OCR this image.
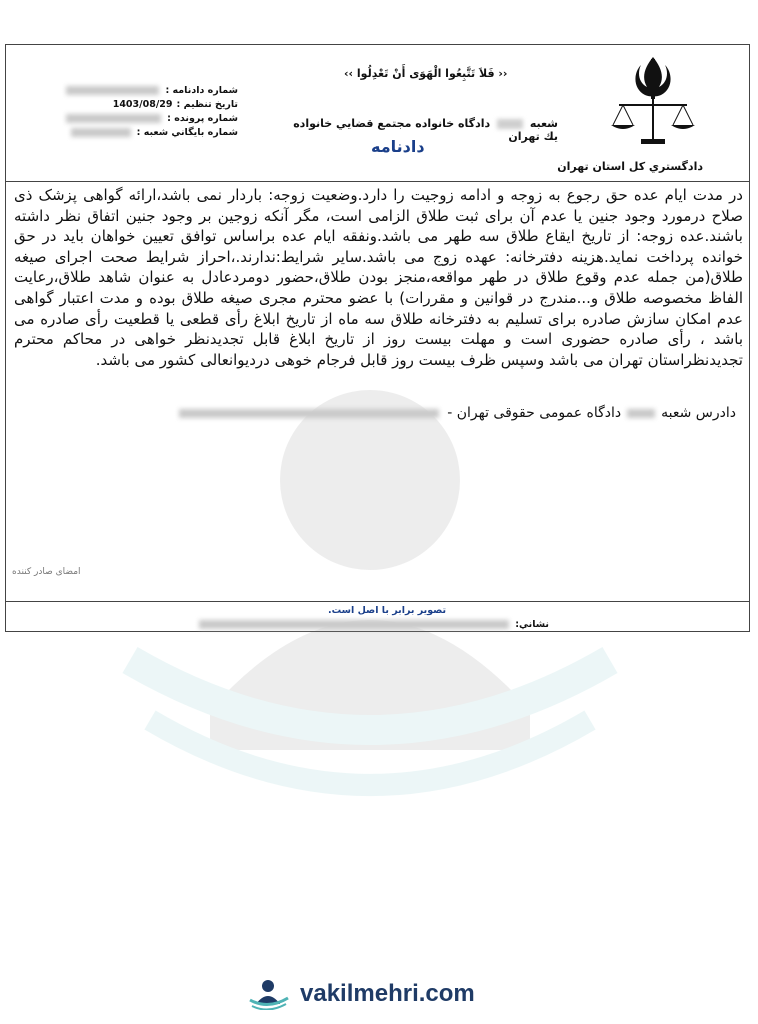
دادگستري كل استان تهران
‹‹ فَلاَ تَتَّبِعُوا الْهَوَى أَنْ تَعْدِلُوا ››
شعبه  دادگاه خانواده مجتمع قضايي خانواده يك تهران
دادنامه
شماره دادنامه :
تاريخ تنظيم :
1403/08/29
شماره پرونده :
شماره بايگاني شعبه :
در مدت ایام عده حق رجوع به زوجه و ادامه زوجیت را دارد.وضعیت زوجه: باردار نمی باشد،ارائه گواهی پزشک ذی صلاح درمورد وجود جنین یا عدم آن برای ثبت طلاق الزامی است، مگر آنکه زوجین بر وجود جنین اتفاق نظر داشته باشند.عده زوجه: از تاریخ ایقاع طلاق سه طهر می باشد.ونفقه ایام عده براساس توافق تعیین خواهان باید در حق خوانده پرداخت نماید.هزینه دفترخانه: عهده زوج می باشد.سایر شرایط:ندارند.،احراز شرایط صحت اجرای صیغه طلاق(من جمله عدم وقوع طلاق در طهر مواقعه،منجز بودن طلاق،حضور دومردعادل به عنوان شاهد طلاق،رعایت الفاظ مخصوصه طلاق و...مندرج در قوانین و مقررات) با عضو محترم مجری صیغه طلاق بوده و مدت اعتبار گواهی عدم امکان سازش صادره برای تسلیم به دفترخانه طلاق سه ماه از تاریخ ابلاغ رأی قطعی یا قطعیت رأی صادره می باشد ، رأی صادره حضوری است و مهلت بیست روز از تاریخ ابلاغ قابل تجدیدنظر خواهی در محاکم محترم تجدیدنظراستان تهران می باشد وسپس ظرف بیست روز قابل فرجام خوهی دردیوانعالی کشور می باشد.
دادرس شعبه
دادگاه عمومی حقوقی تهران -
امضای صادر کننده
تصوير برابر با اصل است.
نشاني:
vakilmehri.com
